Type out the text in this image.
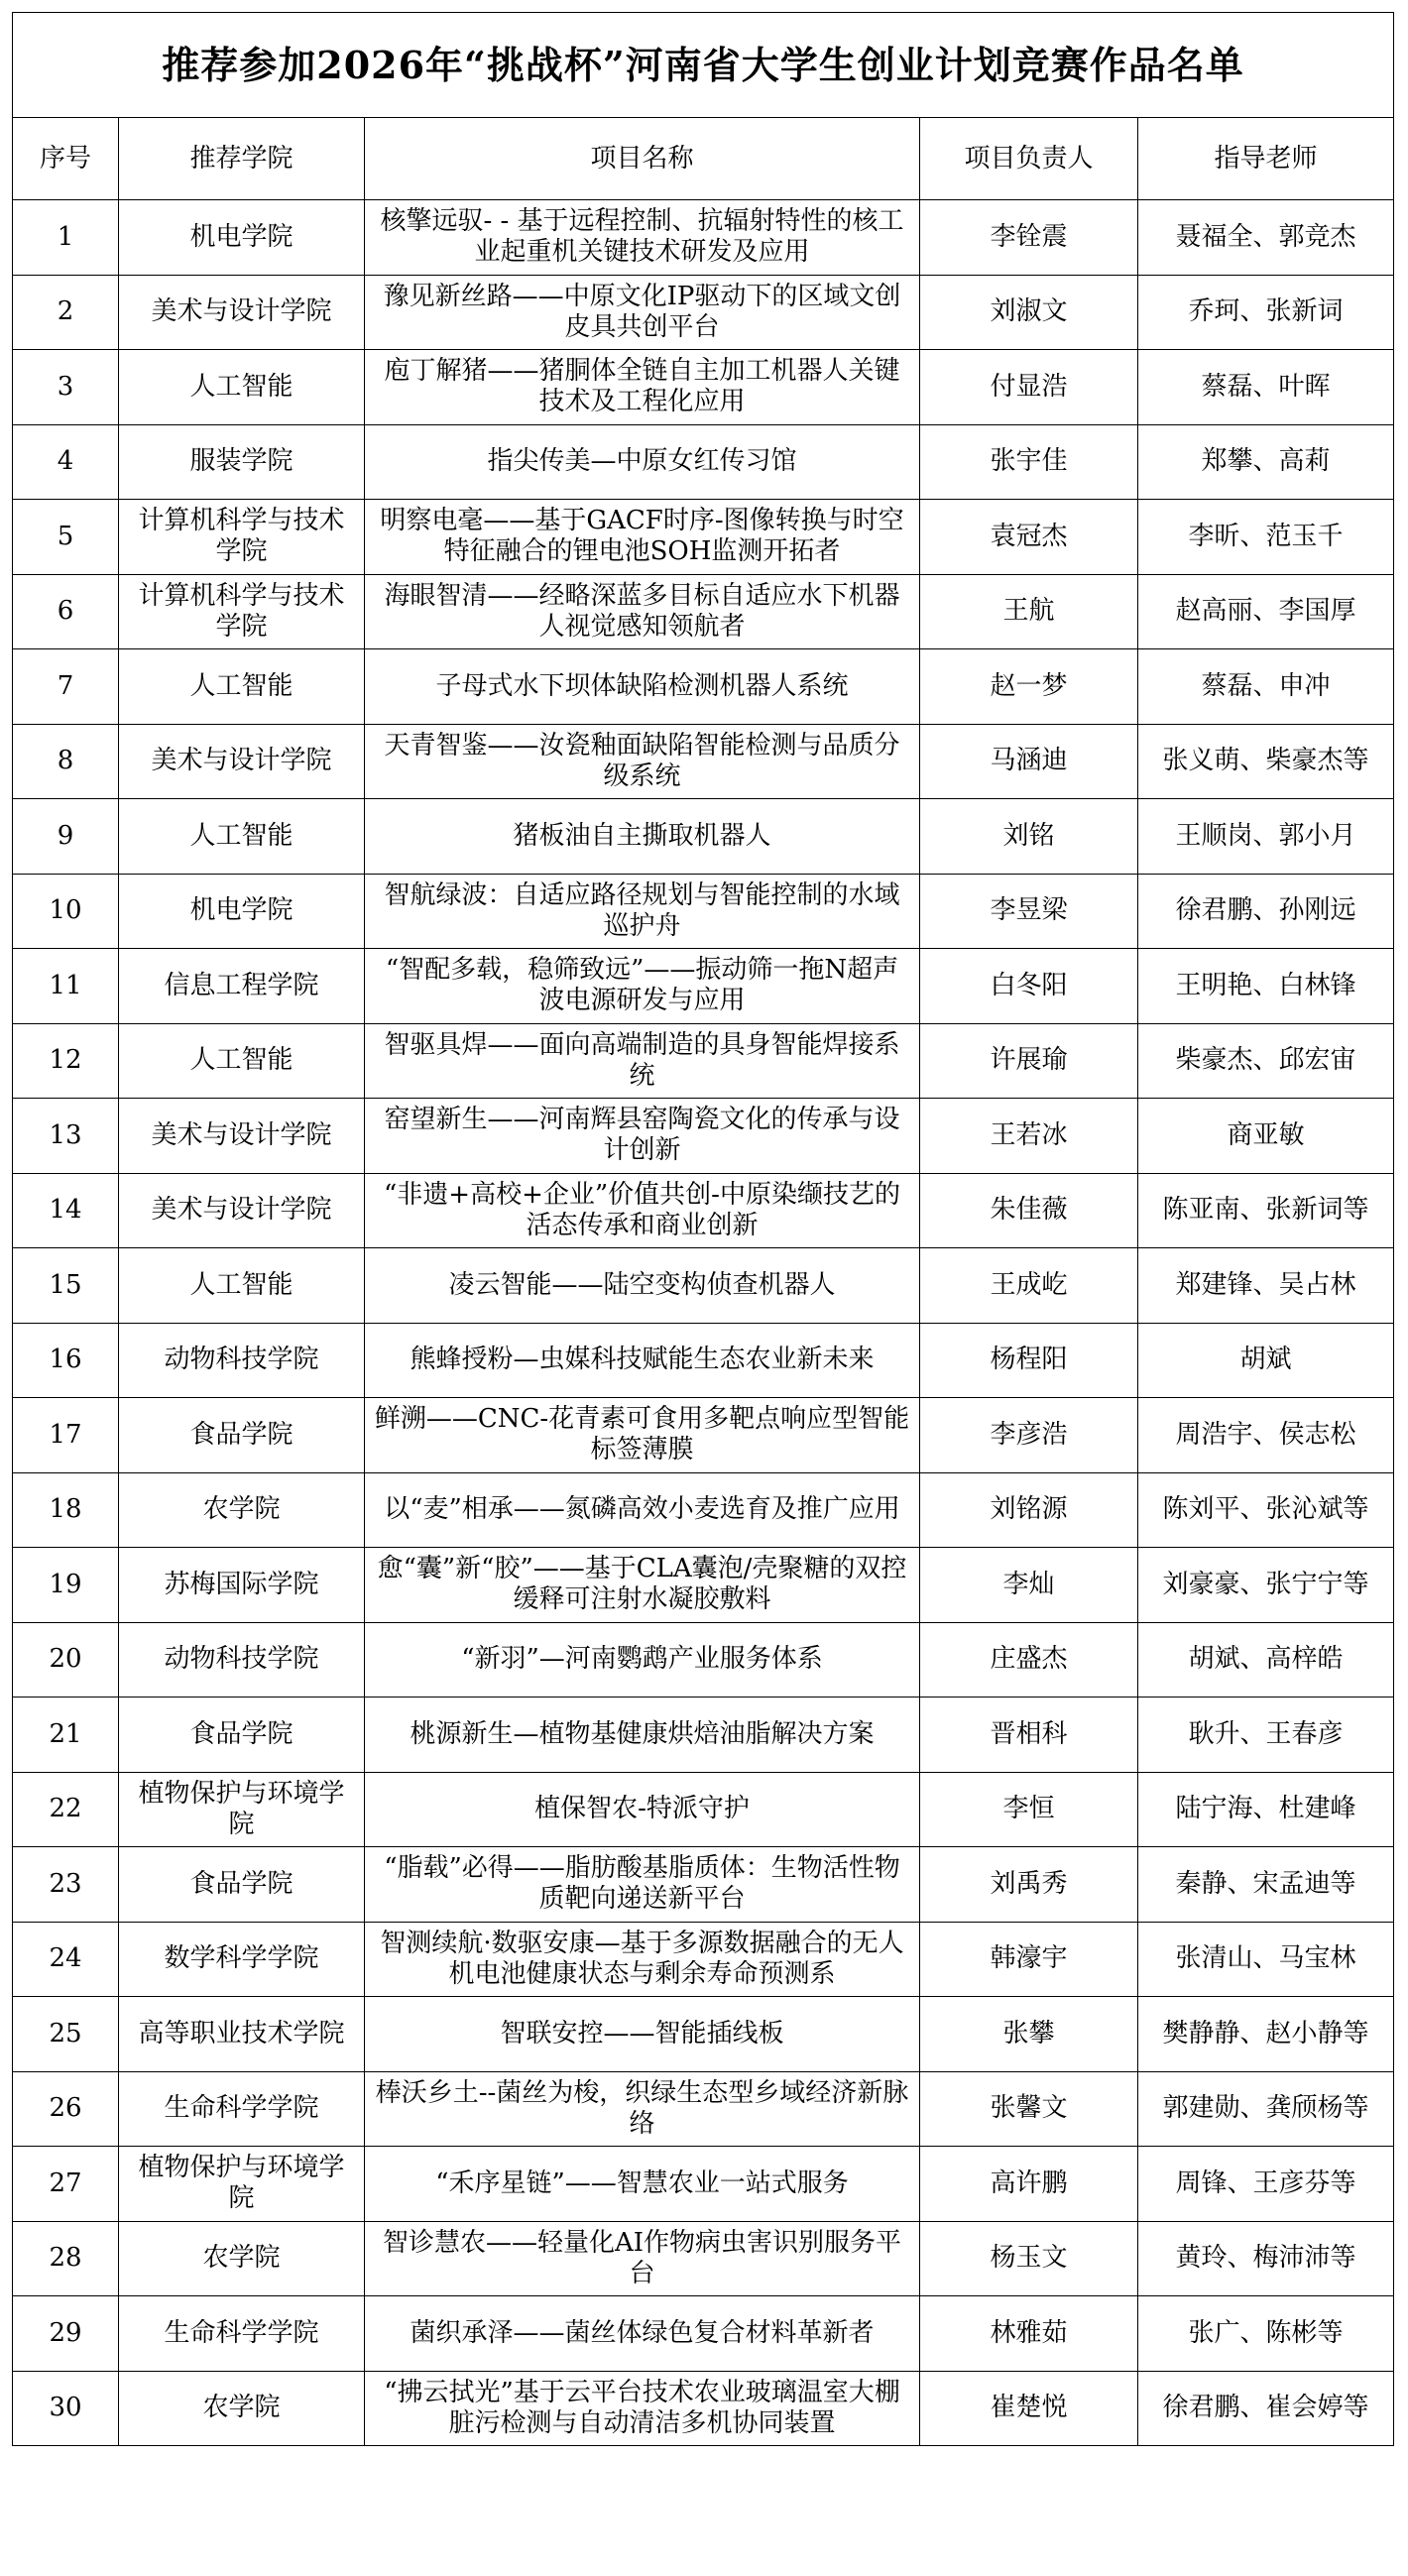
推荐参加2026年“挑战杯”河南省大学生创业计划竞赛作品名单				
序号	推荐学院	项目名称	项目负责人	指导老师
1	机电学院	核擎远驭- - 基于远程控制、抗辐射特性的核工业起重机关键技术研发及应用	李铨震	聂福全、郭竞杰
2	美术与设计学院	豫见新丝路——中原文化IP驱动下的区域文创皮具共创平台	刘淑文	乔珂、张新词
3	人工智能	庖丁解猪——猪胴体全链自主加工机器人关键技术及工程化应用	付显浩	蔡磊、叶晖
4	服装学院	指尖传美—中原女红传习馆	张宇佳	郑攀、高莉
5	计算机科学与技术学院	明察电毫——基于GACF时序-图像转换与时空特征融合的锂电池SOH监测开拓者	袁冠杰	李昕、范玉千
6	计算机科学与技术学院	海眼智清——经略深蓝多目标自适应水下机器人视觉感知领航者	王航	赵高丽、李国厚
7	人工智能	子母式水下坝体缺陷检测机器人系统	赵一梦	蔡磊、申冲
8	美术与设计学院	天青智鉴——汝瓷釉面缺陷智能检测与品质分级系统	马涵迪	张义萌、柴豪杰等
9	人工智能	猪板油自主撕取机器人	刘铭	王顺岗、郭小月
10	机电学院	智航绿波：自适应路径规划与智能控制的水域巡护舟	李昱梁	徐君鹏、孙刚远
11	信息工程学院	“智配多载，稳筛致远”——振动筛一拖N超声波电源研发与应用	白冬阳	王明艳、白林锋
12	人工智能	智驱具焊——面向高端制造的具身智能焊接系统	许展瑜	柴豪杰、邱宏宙
13	美术与设计学院	窑望新生——河南辉县窑陶瓷文化的传承与设计创新	王若冰	商亚敏
14	美术与设计学院	“非遗+高校+企业”价值共创-中原染缬技艺的活态传承和商业创新	朱佳薇	陈亚南、张新词等
15	人工智能	凌云智能——陆空变构侦查机器人	王成屹	郑建锋、吴占林
16	动物科技学院	熊蜂授粉—虫媒科技赋能生态农业新未来	杨程阳	胡斌
17	食品学院	鲜溯——CNC-花青素可食用多靶点响应型智能标签薄膜	李彦浩	周浩宇、侯志松
18	农学院	以“麦”相承——氮磷高效小麦选育及推广应用	刘铭源	陈刘平、张沁斌等
19	苏梅国际学院	愈“囊”新“胶”——基于CLA囊泡/壳聚糖的双控缓释可注射水凝胶敷料	李灿	刘豪豪、张宁宁等
20	动物科技学院	“新羽”—河南鹦鹉产业服务体系	庄盛杰	胡斌、高梓皓
21	食品学院	桃源新生—植物基健康烘焙油脂解决方案	晋相科	耿升、王春彦
22	植物保护与环境学院	植保智农-特派守护	李恒	陆宁海、杜建峰
23	食品学院	“脂载”必得——脂肪酸基脂质体：生物活性物质靶向递送新平台	刘禹秀	秦静、宋孟迪等
24	数学科学学院	智测续航·数驱安康—基于多源数据融合的无人机电池健康状态与剩余寿命预测系	韩濠宇	张清山、马宝林
25	高等职业技术学院	智联安控——智能插线板	张攀	樊静静、赵小静等
26	生命科学学院	棒沃乡土--菌丝为梭，织绿生态型乡域经济新脉络	张馨文	郭建勋、龚颀杨等
27	植物保护与环境学院	“禾序星链”——智慧农业一站式服务	高许鹏	周锋、王彦芬等
28	农学院	智诊慧农——轻量化AI作物病虫害识别服务平台	杨玉文	黄玲、梅沛沛等
29	生命科学学院	菌织承泽——菌丝体绿色复合材料革新者	林雅茹	张广、陈彬等
30	农学院	“拂云拭光”基于云平台技术农业玻璃温室大棚脏污检测与自动清洁多机协同装置	崔楚悦	徐君鹏、崔会婷等
